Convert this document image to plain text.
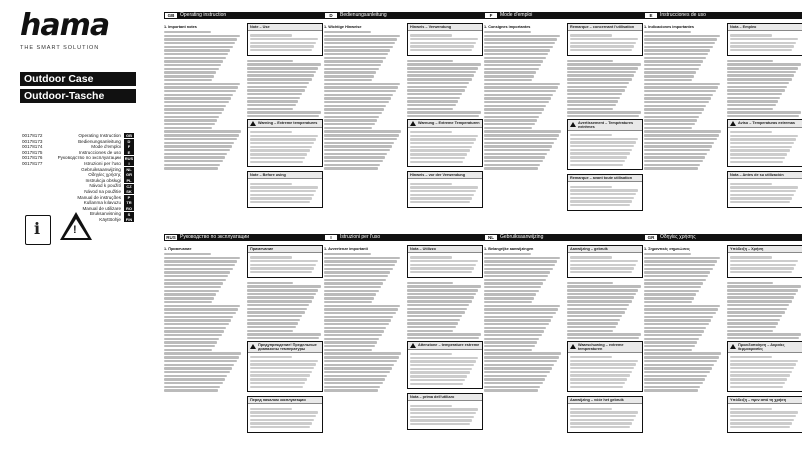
hama
THE SMART SOLUTION
Outdoor Case
Outdoor-Tasche
Operating Instruction	GB
Bedienungsanleitung	D
Mode d'emploi	F
Instrucciones de uso	E
Руководство по эксплуатации RUS
Istruzioni per l'uso	I
Gebruiksaanwijzing	NL
Οδηγίες χρήσης	GR
Instrukcja obsługi	PL
Návod k použití	CZ
Návod na použitie	SK
Manual de instruções	P
Kullanma kılavuzu	TR
Manual de utilizare	RO
Bruksanvisning	S
Käyttöohje	FIN
00178172
00178173
00178174
00178175
00178176
00178177
i
!
GB	Operating instruction
1. Important notes	Note – Use
Warning – Extreme temperatures
Note – Before using
D	Bedienungsanleitung
1. Wichtige Hinweise	Hinweis – Verwendung
Warnung – Extreme Temperaturen
Hinweis – vor der Verwendung
F	Mode d'emploi
1. Consignes importantes	Remarque – concernant l'utilisation
Avertissement – Températures extrêmes
Remarque – avant toute utilisation
E	Instrucciones de uso
1. Indicaciones importantes	Nota – Empleo
Aviso – Temperaturas extremas
Nota – Antes de su utilización
RUS Руководство по эксплуатации
1. Примечание	Примечание
Предупреждение! Предельные диапазоны температуры
Перед началом эксплуатации
I	Istruzioni per l'uso
1. Avvertenze importanti	Nota – Utilizzo
Attenzione – temperature estreme
Nota – prima dell'utilizzo
NL	Gebruiksaanwijzing
1. Belangrijke aanwijzingen	Aanwijzing – gebruik
Waarschuwing – extreme temperaturen
Aanwijzing – vóór het gebruik
GR	Οδηγίες χρήσης
1. Σημαντικές σημειώσεις	Υπόδειξη – Χρήση
Προειδοποίηση – Ακραίες θερμοκρασίες
Υπόδειξη – πριν από τη χρήση
